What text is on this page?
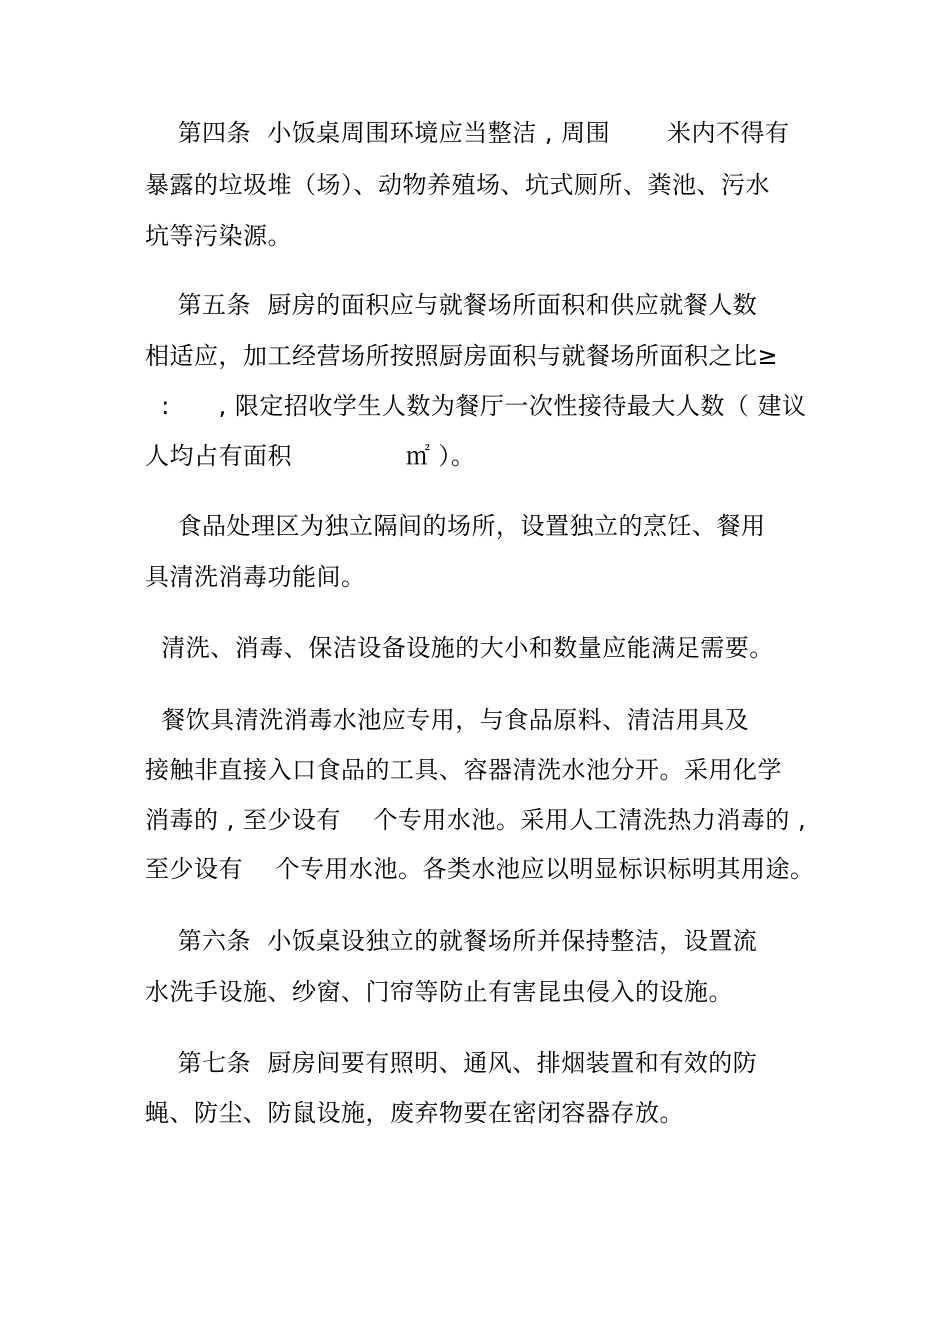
第四条  小饭桌周围环境应当整洁 , 周围       米内不得有
暴露的垃圾堆（场）、动物养殖场、坑式厕所、粪池、污水
坑等污染源。
第五条  厨房的面积应与就餐场所面积和供应就餐人数
相适应，加工经营场所按照厨房面积与就餐场所面积之比≥
:      , 限定招收学生人数为餐厅一次性接待最大人数（ 建议
人均占有面积              ㎡ ）。
食品处理区为独立隔间的场所，设置独立的烹饪、餐用
具清洗消毒功能间。
清洗、消毒、保洁设备设施的大小和数量应能满足需要。
餐饮具清洗消毒水池应专用，与食品原料、清洁用具及
接触非直接入口食品的工具、容器清洗水池分开。采用化学
消毒的 , 至少设有    个专用水池。采用人工清洗热力消毒的 ,
至少设有    个专用水池。各类水池应以明显标识标明其用途。
第六条  小饭桌设独立的就餐场所并保持整洁，设置流
水洗手设施、纱窗、门帘等防止有害昆虫侵入的设施。
第七条  厨房间要有照明、通风、排烟装置和有效的防
蝇、防尘、防鼠设施，废弃物要在密闭容器存放。
